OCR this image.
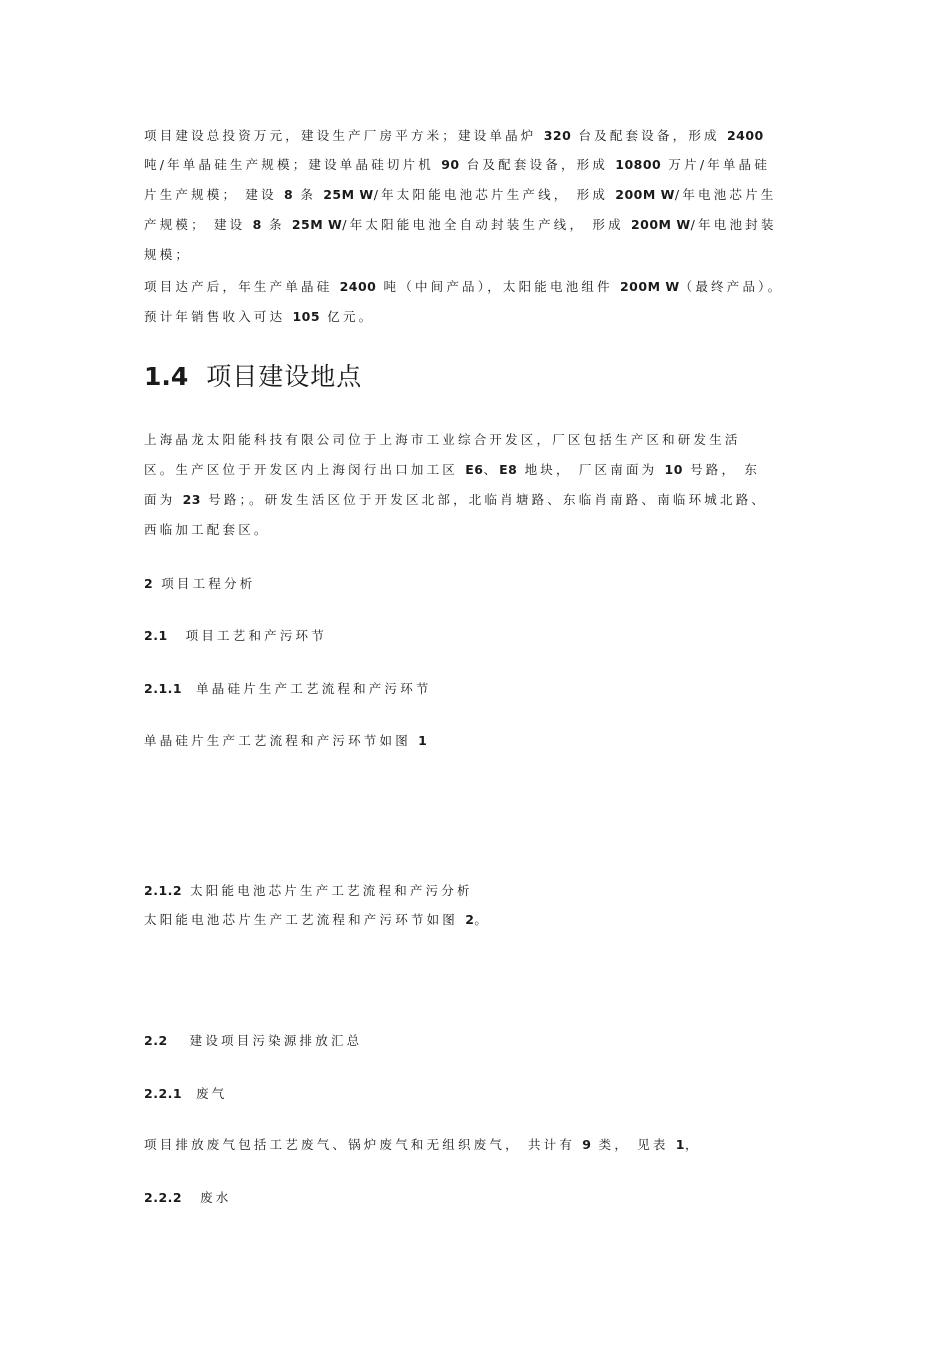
项目建设总投资万元，建设生产厂房平方米；建设单晶炉 320 台及配套设备，形成 2400
吨/年单晶硅生产规模；建设单晶硅切片机 90 台及配套设备，形成 10800 万片/年单晶硅
片生产规模； 建设 8 条 25M W/年太阳能电池芯片生产线， 形成 200M W/年电池芯片生
产规模； 建设 8 条 25M W/年太阳能电池全自动封装生产线， 形成 200M W/年电池封装
规模；
项目达产后，年生产单晶硅 2400 吨（中间产品），太阳能电池组件 200M W（最终产品）。
预计年销售收入可达 105 亿元。
1.4 项目建设地点
上海晶龙太阳能科技有限公司位于上海市工业综合开发区，厂区包括生产区和研发生活
区。生产区位于开发区内上海闵行出口加工区 E6、E8 地块， 厂区南面为 10 号路， 东
面为 23 号路；。研发生活区位于开发区北部，北临肖塘路、东临肖南路、南临环城北路、
西临加工配套区。
2 项目工程分析
2.1 项目工艺和产污环节
2.1.1 单晶硅片生产工艺流程和产污环节
单晶硅片生产工艺流程和产污环节如图 1
2.1.2 太阳能电池芯片生产工艺流程和产污分析
太阳能电池芯片生产工艺流程和产污环节如图 2。
2.2 建设项目污染源排放汇总
2.2.1 废气
项目排放废气包括工艺废气、锅炉废气和无组织废气， 共计有 9 类， 见表 1，
2.2.2 废水
